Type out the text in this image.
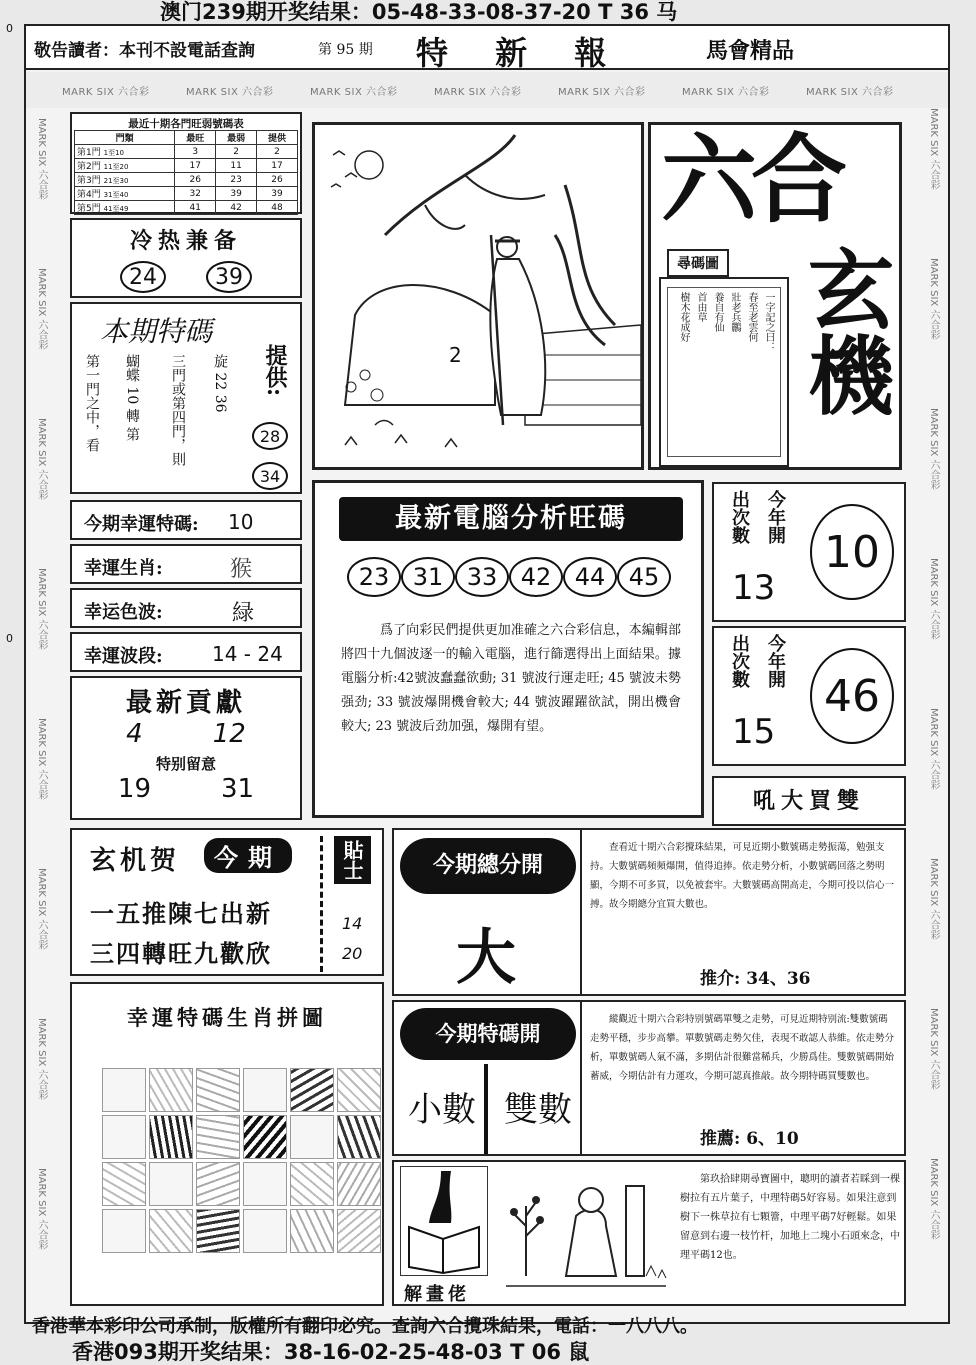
澳门239期开奖结果：05-48-33-08-37-20 T 36 马
0
0
敬告讀者：本刊不設電話查詢	第 95 期 特 新 報	馬會精品
MARK SIX 六合彩	MARK SIX 六合彩	MARK SIX 六合彩	MARK SIX 六合彩	MARK SIX 六合彩	MARK SIX 六合彩	MARK SIX 六合彩
MARK SIX 六合彩
MARK SIX 六合彩
MARK SIX 六合彩
MARK SIX 六合彩
MARK SIX 六合彩
MARK SIX 六合彩
MARK SIX 六合彩
MARK SIX 六合彩
MARK SIX 六合彩
MARK SIX 六合彩
MARK SIX 六合彩
MARK SIX 六合彩
MARK SIX 六合彩
MARK SIX 六合彩
MARK SIX 六合彩
MARK SIX 六合彩
最近十期各門旺弱號碼表
門類	最旺	最弱	提供
第1門 1至10	3	2	2
第2門 11至20	17	11	17
第3門 21至30	26	23	26
第4門 31至40	32	39	39
第5門 41至49	41	42	48
冷热兼备
24	39
本期特碼
提供:
第一門之中，看 蝴蝶 10 轉 第 三門或第四門，則 旋 22 36
28
34
今期幸運特碼: 10
幸運生肖:	猴
幸运色波:	緑
幸運波段: 14 - 24
最新貢獻
4	12
特别留意
19	31
2
六合
玄機
尋碼圖
一字記之曰：
春至老雲何
壯老兵鸝
養自有仙
首由草
樹木花成好
最新電腦分析旺碼
23 31 33 42 44 45
爲了向彩民們提供更加准確之六合彩信息，本編輯部將四十九個波逐一的輸入電腦，進行篩選得出上面結果。據電腦分析:42號波蠢蠢欲動; 31 號波行運走旺; 45 號波未勢强劲; 33 號波爆開機會較大; 44 號波躍躍欲試，開出機會較大; 23 號波后劲加强，爆開有望。
出次數 今年開
13
10
出次數 今年開
15
46
吼大買雙
玄机贺	今期
一五推陳七出新
三四轉旺九歡欣
貼士
14
20
今期總分開
大
查看近十期六合彩攪珠結果，可見近期小數號碼走勢振蕩，勉强支持。大數號碼頻頻爆開，值得追捧。依走勢分析，小數號碼回落之勢明顯，今期不可多買，以免被套牢。大數號碼高開高走，今期可投以信心一搏。故今期總分宜買大數也。
推介: 34、36
幸運特碼生肖拼圖
今期特碼開
小數 雙數
縱觀近十期六合彩特别號碼單雙之走勢，可見近期特别流:雙數號碼走勢平穩，步步高攀。單數號碼走勢欠佳，表現不敢認人恭維。依走勢分析，單數號碼人氣不滿，多期估計很難當稀兵，少勝爲佳。雙數號碼開始蓄威，今期估計有力運攻，今期可認真推敲。故今期特碼買雙數也。
推薦: 6、10
解畫佬
第玖拾肆期尋寶圖中，聰明的讀者若睬到一棵樹拉有五片葉子，中理特碼5好容易。如果注意到樹下一株草拉有七顆簹，中理平碼7好輕鬆。如果留意到右邊一枝竹杆，加地上二塊小石頭來念，中理平碼12也。
香港華本彩印公司承制，版權所有翻印必究。查詢六合攪珠結果，電話：一八八八。
香港093期开奖结果：38-16-02-25-48-03 T 06 鼠
